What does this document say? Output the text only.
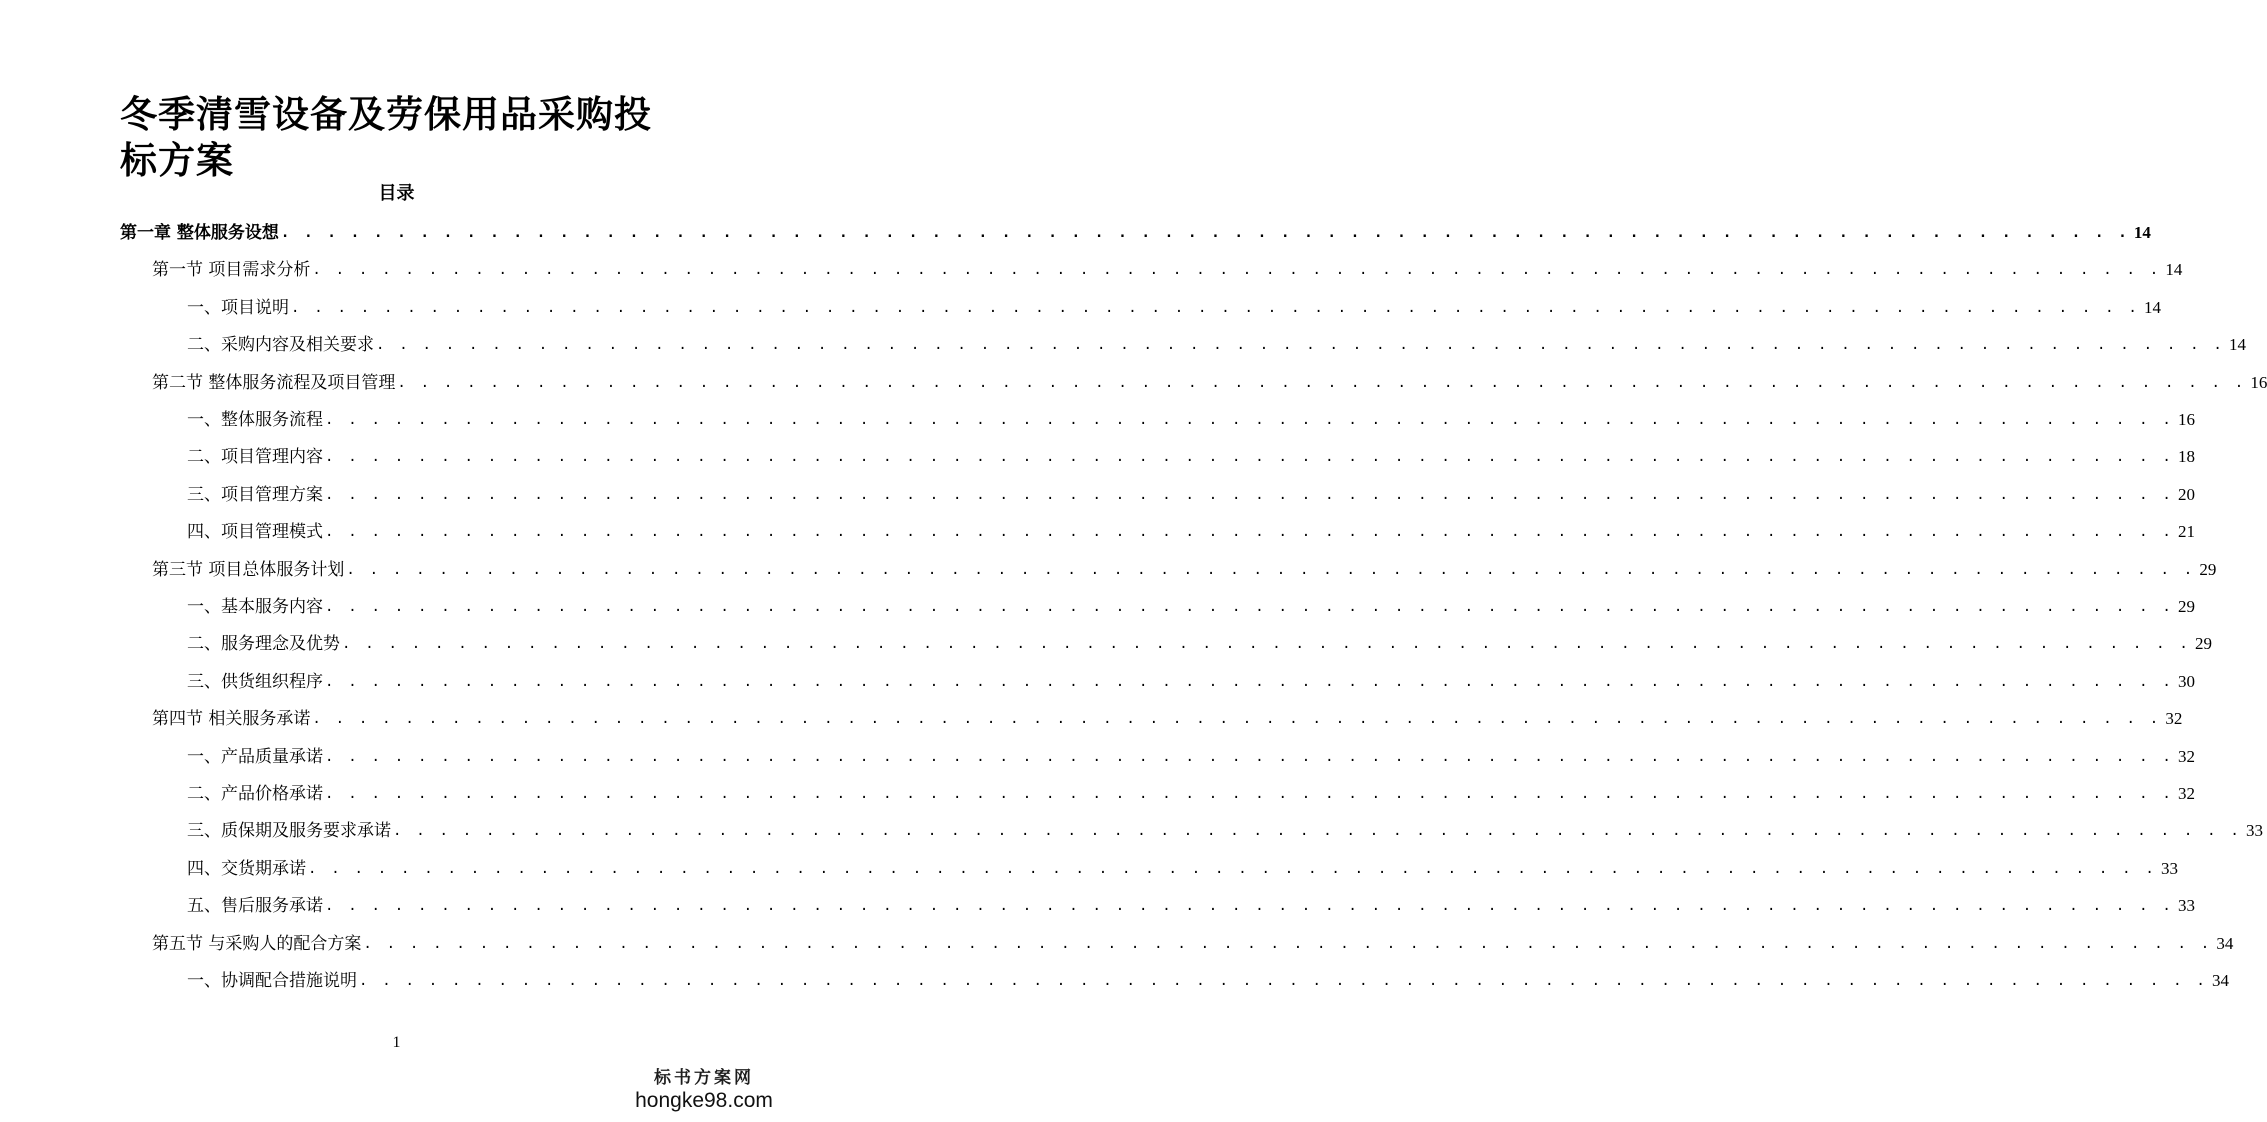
冬季清雪设备及劳保用品采购投标方案
目录
第一章 整体服务设想 . . . . . . . . . . . . . . . . . . . . . . . . . . . . . . . . . . . . . . . . . . . . . . . . . . . . . . . . . . . . . . . . . . . . . . . . . . . . . . . . 14
第一节 项目需求分析 . . . . . . . . . . . . . . . . . . . . . . . . . . . . . . . . . . . . . . . . . . . . . . . . . . . . . . . . . . . . . . . . . . . . . . . . . . . . . . . . 14
一、项目说明 . . . . . . . . . . . . . . . . . . . . . . . . . . . . . . . . . . . . . . . . . . . . . . . . . . . . . . . . . . . . . . . . . . . . . . . . . . . . . . . . 14
二、采购内容及相关要求 . . . . . . . . . . . . . . . . . . . . . . . . . . . . . . . . . . . . . . . . . . . . . . . . . . . . . . . . . . . . . . . . . . . . . . . . . . . . . . . . 14
第二节 整体服务流程及项目管理 . . . . . . . . . . . . . . . . . . . . . . . . . . . . . . . . . . . . . . . . . . . . . . . . . . . . . . . . . . . . . . . . . . . . . . . . . . . . . . . . 16
一、整体服务流程 . . . . . . . . . . . . . . . . . . . . . . . . . . . . . . . . . . . . . . . . . . . . . . . . . . . . . . . . . . . . . . . . . . . . . . . . . . . . . . . . 16
二、项目管理内容 . . . . . . . . . . . . . . . . . . . . . . . . . . . . . . . . . . . . . . . . . . . . . . . . . . . . . . . . . . . . . . . . . . . . . . . . . . . . . . . . 18
三、项目管理方案 . . . . . . . . . . . . . . . . . . . . . . . . . . . . . . . . . . . . . . . . . . . . . . . . . . . . . . . . . . . . . . . . . . . . . . . . . . . . . . . . 20
四、项目管理模式 . . . . . . . . . . . . . . . . . . . . . . . . . . . . . . . . . . . . . . . . . . . . . . . . . . . . . . . . . . . . . . . . . . . . . . . . . . . . . . . . 21
第三节 项目总体服务计划 . . . . . . . . . . . . . . . . . . . . . . . . . . . . . . . . . . . . . . . . . . . . . . . . . . . . . . . . . . . . . . . . . . . . . . . . . . . . . . . . 29
一、基本服务内容 . . . . . . . . . . . . . . . . . . . . . . . . . . . . . . . . . . . . . . . . . . . . . . . . . . . . . . . . . . . . . . . . . . . . . . . . . . . . . . . . 29
二、服务理念及优势 . . . . . . . . . . . . . . . . . . . . . . . . . . . . . . . . . . . . . . . . . . . . . . . . . . . . . . . . . . . . . . . . . . . . . . . . . . . . . . . . 29
三、供货组织程序 . . . . . . . . . . . . . . . . . . . . . . . . . . . . . . . . . . . . . . . . . . . . . . . . . . . . . . . . . . . . . . . . . . . . . . . . . . . . . . . . 30
第四节 相关服务承诺 . . . . . . . . . . . . . . . . . . . . . . . . . . . . . . . . . . . . . . . . . . . . . . . . . . . . . . . . . . . . . . . . . . . . . . . . . . . . . . . . 32
一、产品质量承诺 . . . . . . . . . . . . . . . . . . . . . . . . . . . . . . . . . . . . . . . . . . . . . . . . . . . . . . . . . . . . . . . . . . . . . . . . . . . . . . . . 32
二、产品价格承诺 . . . . . . . . . . . . . . . . . . . . . . . . . . . . . . . . . . . . . . . . . . . . . . . . . . . . . . . . . . . . . . . . . . . . . . . . . . . . . . . . 32
三、质保期及服务要求承诺 . . . . . . . . . . . . . . . . . . . . . . . . . . . . . . . . . . . . . . . . . . . . . . . . . . . . . . . . . . . . . . . . . . . . . . . . . . . . . . . . 33
四、交货期承诺 . . . . . . . . . . . . . . . . . . . . . . . . . . . . . . . . . . . . . . . . . . . . . . . . . . . . . . . . . . . . . . . . . . . . . . . . . . . . . . . . 33
五、售后服务承诺 . . . . . . . . . . . . . . . . . . . . . . . . . . . . . . . . . . . . . . . . . . . . . . . . . . . . . . . . . . . . . . . . . . . . . . . . . . . . . . . . 33
第五节 与采购人的配合方案 . . . . . . . . . . . . . . . . . . . . . . . . . . . . . . . . . . . . . . . . . . . . . . . . . . . . . . . . . . . . . . . . . . . . . . . . . . . . . . . . 34
一、协调配合措施说明 . . . . . . . . . . . . . . . . . . . . . . . . . . . . . . . . . . . . . . . . . . . . . . . . . . . . . . . . . . . . . . . . . . . . . . . . . . . . . . . . 34
1
标书方案网
hongke98.com
